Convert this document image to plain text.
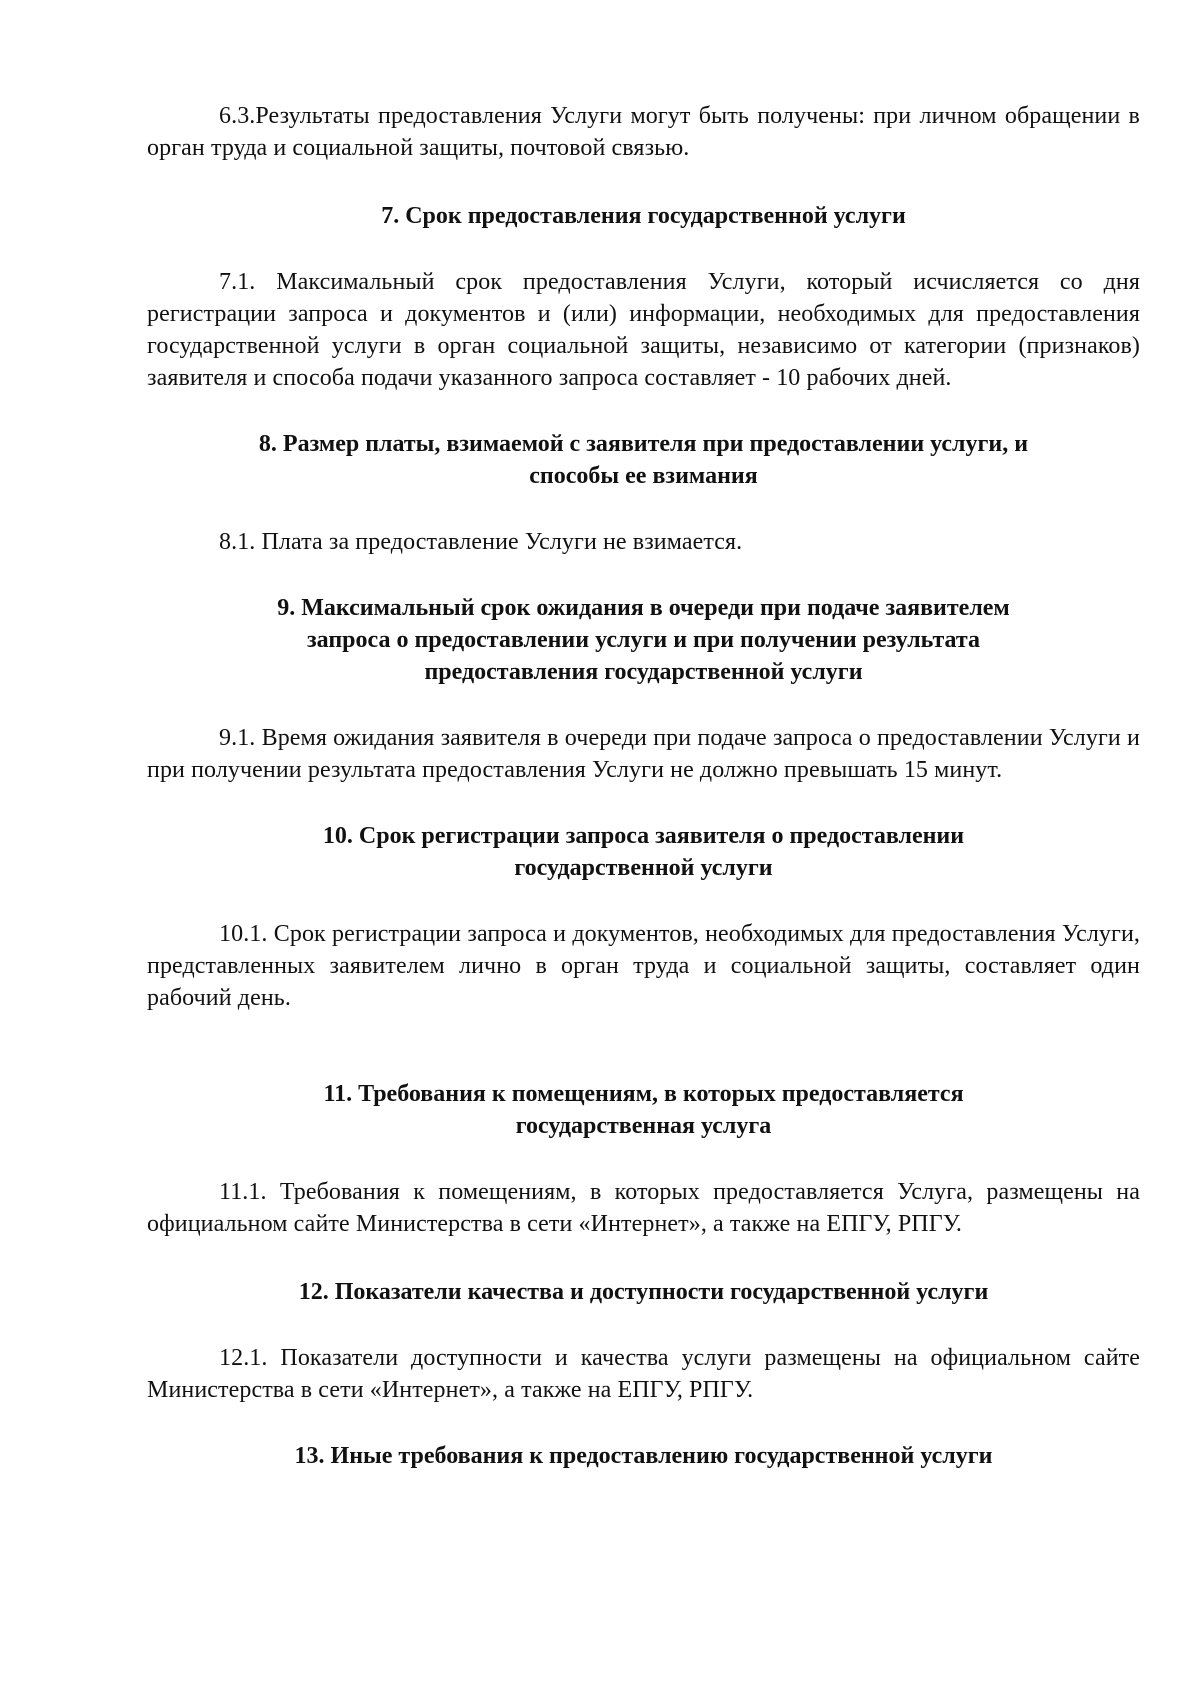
6.3.Результаты предоставления Услуги могут быть получены: при личном обращении в орган труда и социальной защиты, почтовой связью.

7. Срок предоставления государственной услуги

7.1. Максимальный срок предоставления Услуги, который исчисляется со дня регистрации запроса и документов и (или) информации, необходимых для предоставления государственной услуги в орган социальной защиты, независимо от категории (признаков) заявителя и способа подачи указанного запроса составляет - 10 рабочих дней.

8. Размер платы, взимаемой с заявителя при предоставлении услуги, и
способы ее взимания

8.1. Плата за предоставление Услуги не взимается.

9. Максимальный срок ожидания в очереди при подаче заявителем
запроса о предоставлении услуги и при получении результата
предоставления государственной услуги

9.1. Время ожидания заявителя в очереди при подаче запроса о предоставлении Услуги и при получении результата предоставления Услуги не должно превышать 15 минут.

10. Срок регистрации запроса заявителя о предоставлении
государственной услуги

10.1. Срок регистрации запроса и документов, необходимых для предоставления Услуги, представленных заявителем лично в орган труда и социальной защиты, составляет один рабочий день.

11. Требования к помещениям, в которых предоставляется
государственная услуга

11.1. Требования к помещениям, в которых предоставляется Услуга, размещены на официальном сайте Министерства в сети «Интернет», а также на ЕПГУ, РПГУ.

12. Показатели качества и доступности государственной услуги

12.1. Показатели доступности и качества услуги размещены на официальном сайте Министерства в сети «Интернет», а также на ЕПГУ, РПГУ.

13. Иные требования к предоставлению государственной услуги
